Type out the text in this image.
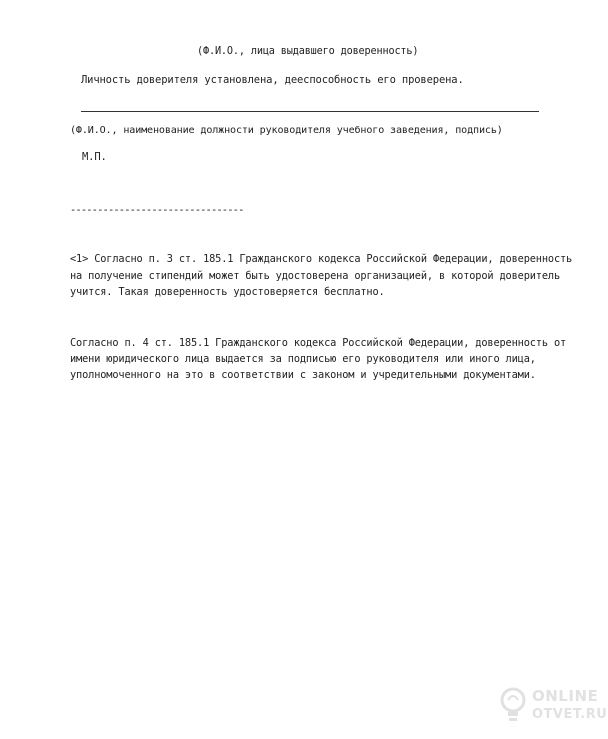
(Ф.И.О., лица выдавшего доверенность)
Личность доверителя установлена, дееспособность его проверена.
(Ф.И.О., наименование должности руководителя учебного заведения, подпись)
М.П.
--------------------------------
<1> Согласно п. 3 ст. 185.1 Гражданского кодекса Российской Федерации, доверенность
на получение стипендий может быть удостоверена организацией, в которой доверитель
учится. Такая доверенность удостоверяется бесплатно.
Согласно п. 4 ст. 185.1 Гражданского кодекса Российской Федерации, доверенность от
имени юридического лица выдается за подписью его руководителя или иного лица,
уполномоченного на это в соответствии с законом и учредительными документами.
ONLINE
OTVET.RU
